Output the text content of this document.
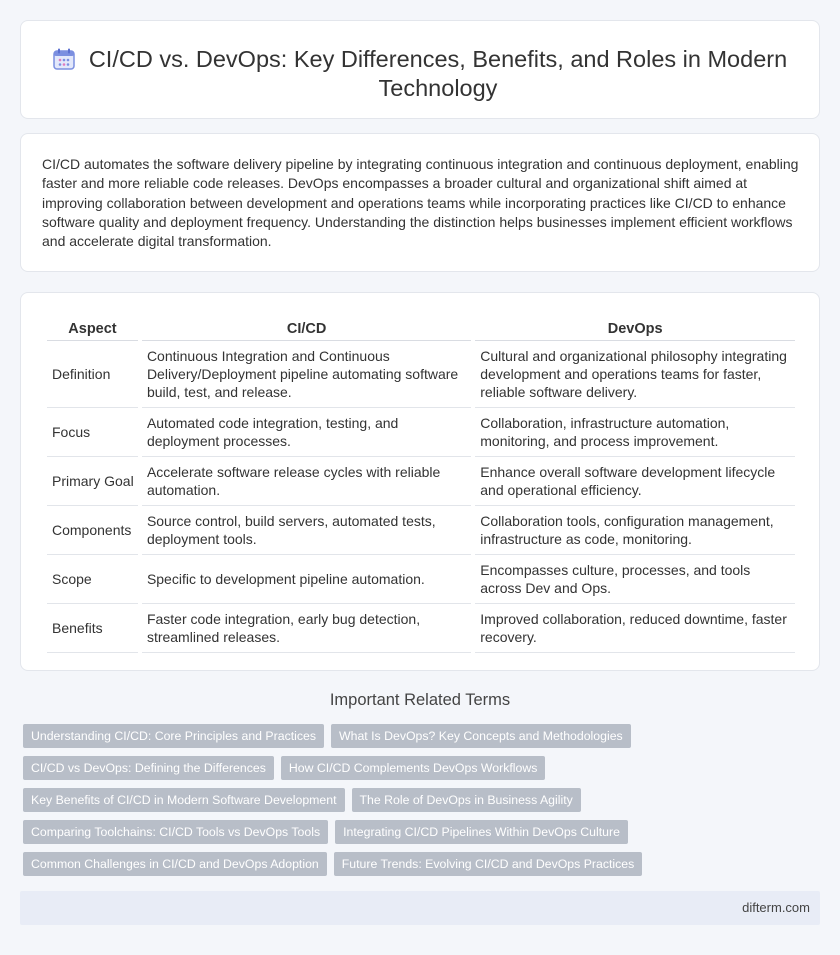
CI/CD vs. DevOps: Key Differences, Benefits, and Roles in Modern Technology

CI/CD automates the software delivery pipeline by integrating continuous integration and continuous deployment, enabling faster and more reliable code releases. DevOps encompasses a broader cultural and organizational shift aimed at improving collaboration between development and operations teams while incorporating practices like CI/CD to enhance software quality and deployment frequency. Understanding the distinction helps businesses implement efficient workflows and accelerate digital transformation.

Aspect	CI/CD	DevOps
Definition	Continuous Integration and Continuous Delivery/Deployment pipeline automating software build, test, and release.	Cultural and organizational philosophy integrating development and operations teams for faster, reliable software delivery.
Focus	Automated code integration, testing, and deployment processes.	Collaboration, infrastructure automation, monitoring, and process improvement.
Primary Goal	Accelerate software release cycles with reliable automation.	Enhance overall software development lifecycle and operational efficiency.
Components	Source control, build servers, automated tests, deployment tools.	Collaboration tools, configuration management, infrastructure as code, monitoring.
Scope	Specific to development pipeline automation.	Encompasses culture, processes, and tools across Dev and Ops.
Benefits	Faster code integration, early bug detection, streamlined releases.	Improved collaboration, reduced downtime, faster recovery.
Important Related Terms
Understanding CI/CD: Core Principles and Practices	What Is DevOps? Key Concepts and Methodologies
CI/CD vs DevOps: Defining the Differences	How CI/CD Complements DevOps Workflows
Key Benefits of CI/CD in Modern Software Development	The Role of DevOps in Business Agility
Comparing Toolchains: CI/CD Tools vs DevOps Tools	Integrating CI/CD Pipelines Within DevOps Culture
Common Challenges in CI/CD and DevOps Adoption	Future Trends: Evolving CI/CD and DevOps Practices
difterm.com
